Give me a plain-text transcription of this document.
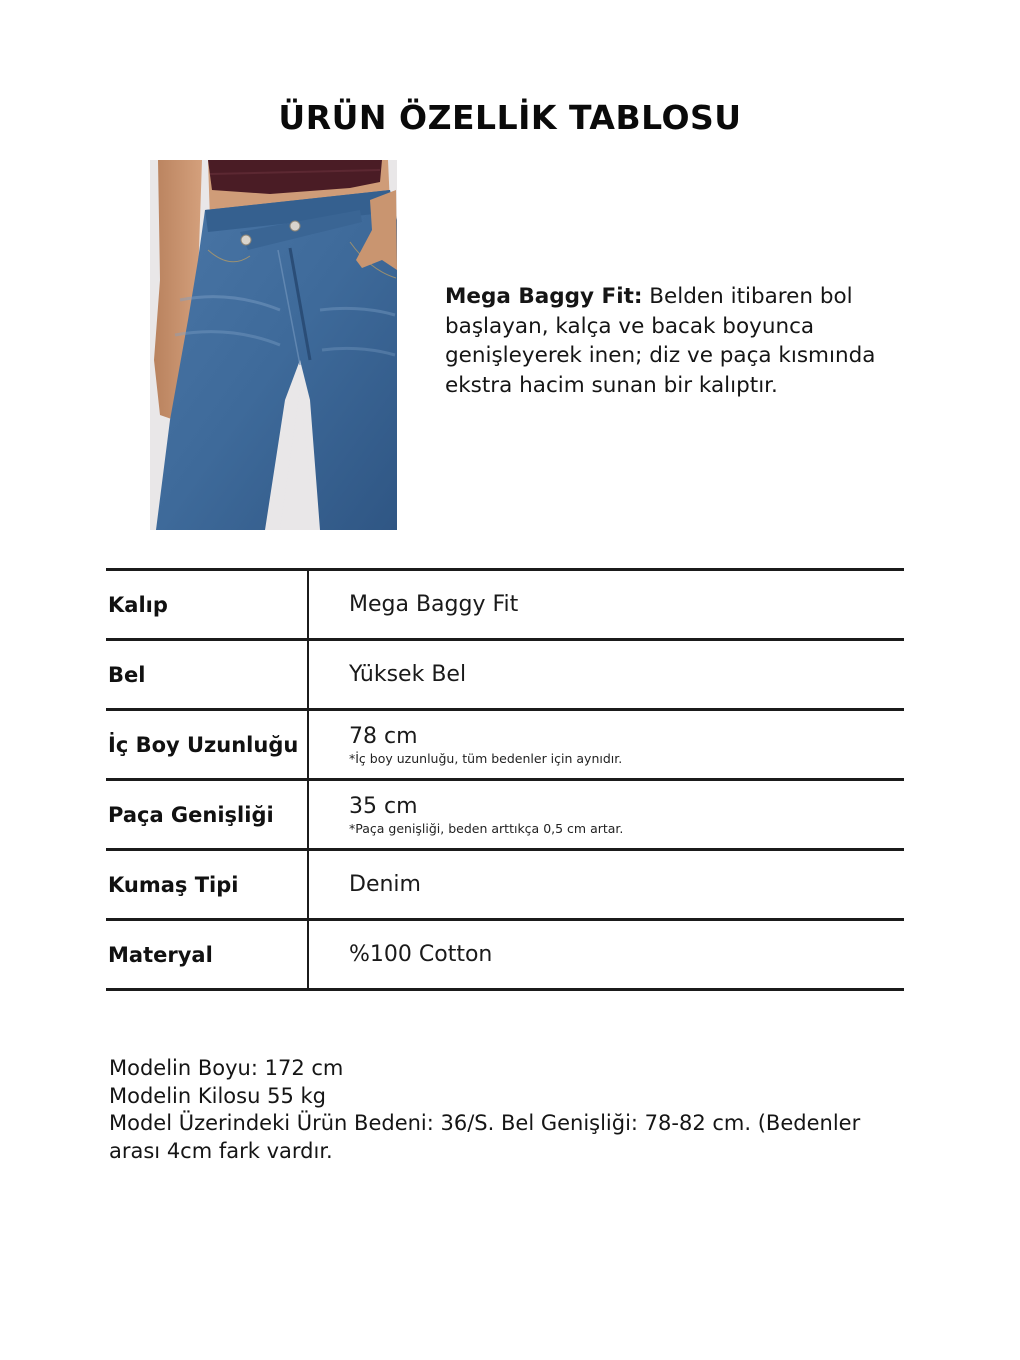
ÜRÜN ÖZELLİK TABLOSU

Mega Baggy Fit: Belden itibaren bol başlayan, kalça ve bacak boyunca genişleyerek inen; diz ve paça kısmında ekstra hacim sunan bir kalıptır.

Kalıp	Mega Baggy Fit

Bel	Yüksek Bel

İç Boy Uzunluğu	78 cm
*İç boy uzunluğu, tüm bedenler için aynıdır.

Paça Genişliği	35 cm
*Paça genişliği, beden arttıkça 0,5 cm artar.

Kumaş Tipi	Denim

Materyal	%100 Cotton
Modelin Boyu: 172 cm
Modelin Kilosu 55 kg
Model Üzerindeki Ürün Bedeni: 36/S. Bel Genişliği: 78-82 cm. (Bedenler
arası 4cm fark vardır.
